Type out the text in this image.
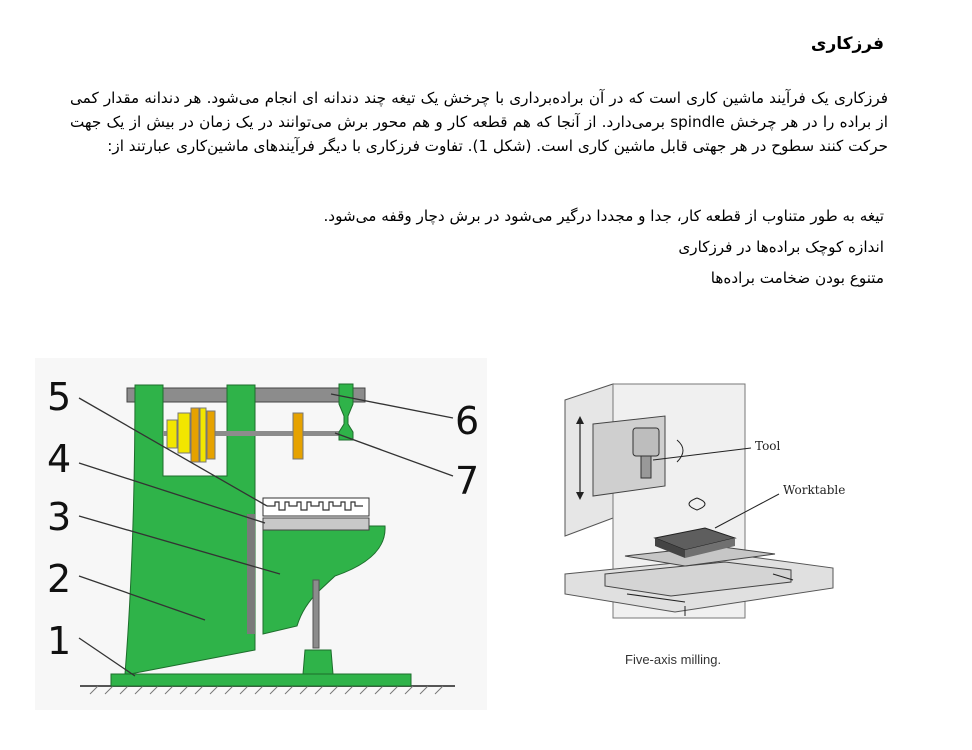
فرزکاری
فرزکاری یک فرآیند ماشین کاری است که در آن براده‌برداری با چرخش یک تیغه چند دندانه ای انجام می‌شود. هر دندانه مقدار کمی از براده را در هر چرخش spindle برمی‌دارد. از آنجا که هم قطعه کار و هم محور برش می‌توانند در یک زمان در بیش از یک جهت حرکت کنند سطوح در هر جهتی قابل ماشین کاری است. (شکل 1). تفاوت فرزکاری با دیگر فرآیندهای ماشین‌کاری عبارتند از:
تیغه به طور متناوب از قطعه کار، جدا و مجددا درگیر می‌شود در برش دچار وقفه می‌شود.
اندازه کوچک براده‌ها در فرزکاری
متنوع بودن ضخامت براده‌ها
5
4
3
2
1
6
7
Tool
Worktable
Five-axis milling.
